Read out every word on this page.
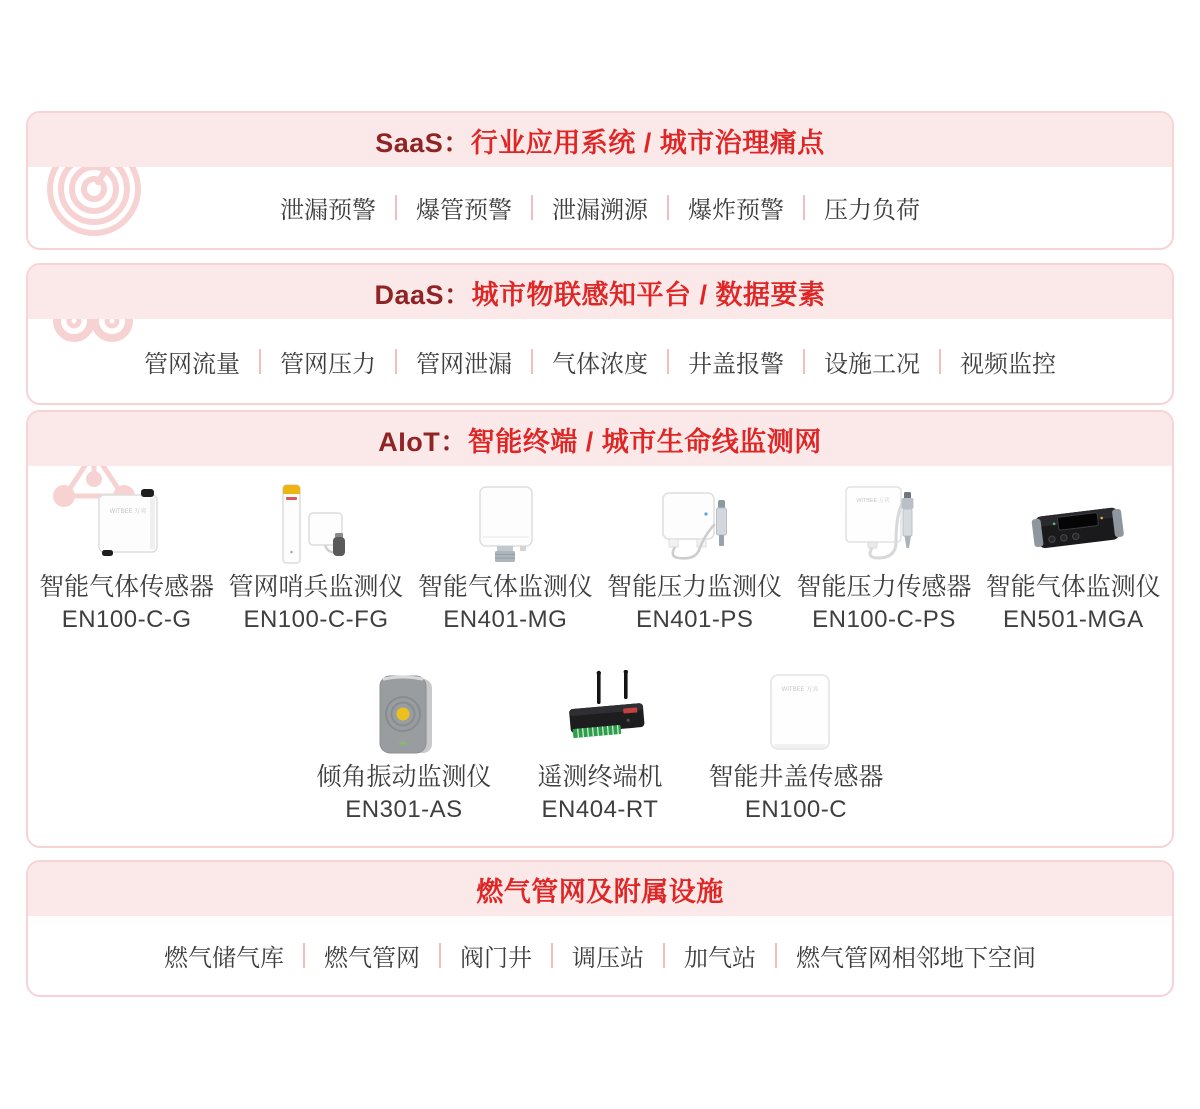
SaaS： 行业应用系统 / 城市治理痛点
泄漏预警 爆管预警 泄漏溯源 爆炸预警 压力负荷
DaaS： 城市物联感知平台 / 数据要素
管网流量 管网压力 管网泄漏 气体浓度 井盖报警 设施工况 视频监控
AIoT： 智能终端 / 城市生命线监测网
WITBEE 万宾
智能气体传感器
EN100-C-G
管网哨兵监测仪
EN100-C-FG
智能气体监测仪
EN401-MG
智能压力监测仪
EN401-PS
WITBEE 万宾
智能压力传感器
EN100-C-PS
智能气体监测仪
EN501-MGA
倾角振动监测仪
EN301-AS
遥测终端机
EN404-RT
WITBEE 万宾
智能井盖传感器
EN100-C
燃气管网及附属设施
燃气储气库 燃气管网 阀门井 调压站 加气站 燃气管网相邻地下空间
